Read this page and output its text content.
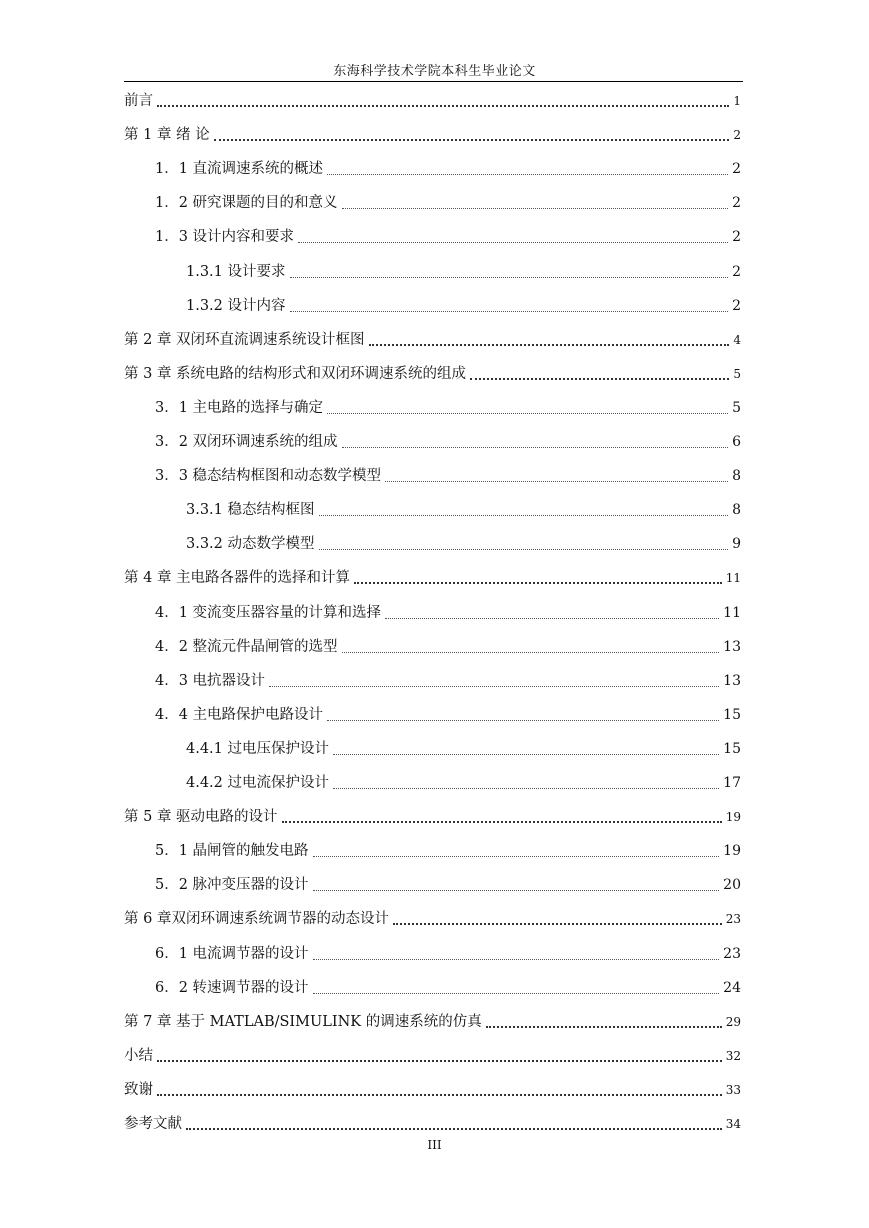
东海科学技术学院本科生毕业论文
前言	1
第 1 章 绪 论	2
1．1 直流调速系统的概述	2
1．2 研究课题的目的和意义	2
1．3 设计内容和要求	2
1.3.1 设计要求	2
1.3.2 设计内容	2
第 2 章 双闭环直流调速系统设计框图	4
第 3 章 系统电路的结构形式和双闭环调速系统的组成	5
3．1 主电路的选择与确定	5
3．2 双闭环调速系统的组成	6
3．3 稳态结构框图和动态数学模型	8
3.3.1 稳态结构框图	8
3.3.2 动态数学模型	9
第 4 章 主电路各器件的选择和计算	11
4．1 变流变压器容量的计算和选择	11
4．2 整流元件晶闸管的选型	13
4．3 电抗器设计	13
4．4 主电路保护电路设计	15
4.4.1 过电压保护设计	15
4.4.2 过电流保护设计	17
第 5 章 驱动电路的设计	19
5．1 晶闸管的触发电路	19
5．2 脉冲变压器的设计	20
第 6 章双闭环调速系统调节器的动态设计	23
6．1 电流调节器的设计	23
6．2 转速调节器的设计	24
第 7 章 基于 MATLAB/SIMULINK 的调速系统的仿真	29
小结	32
致谢	33
参考文献	34
III
